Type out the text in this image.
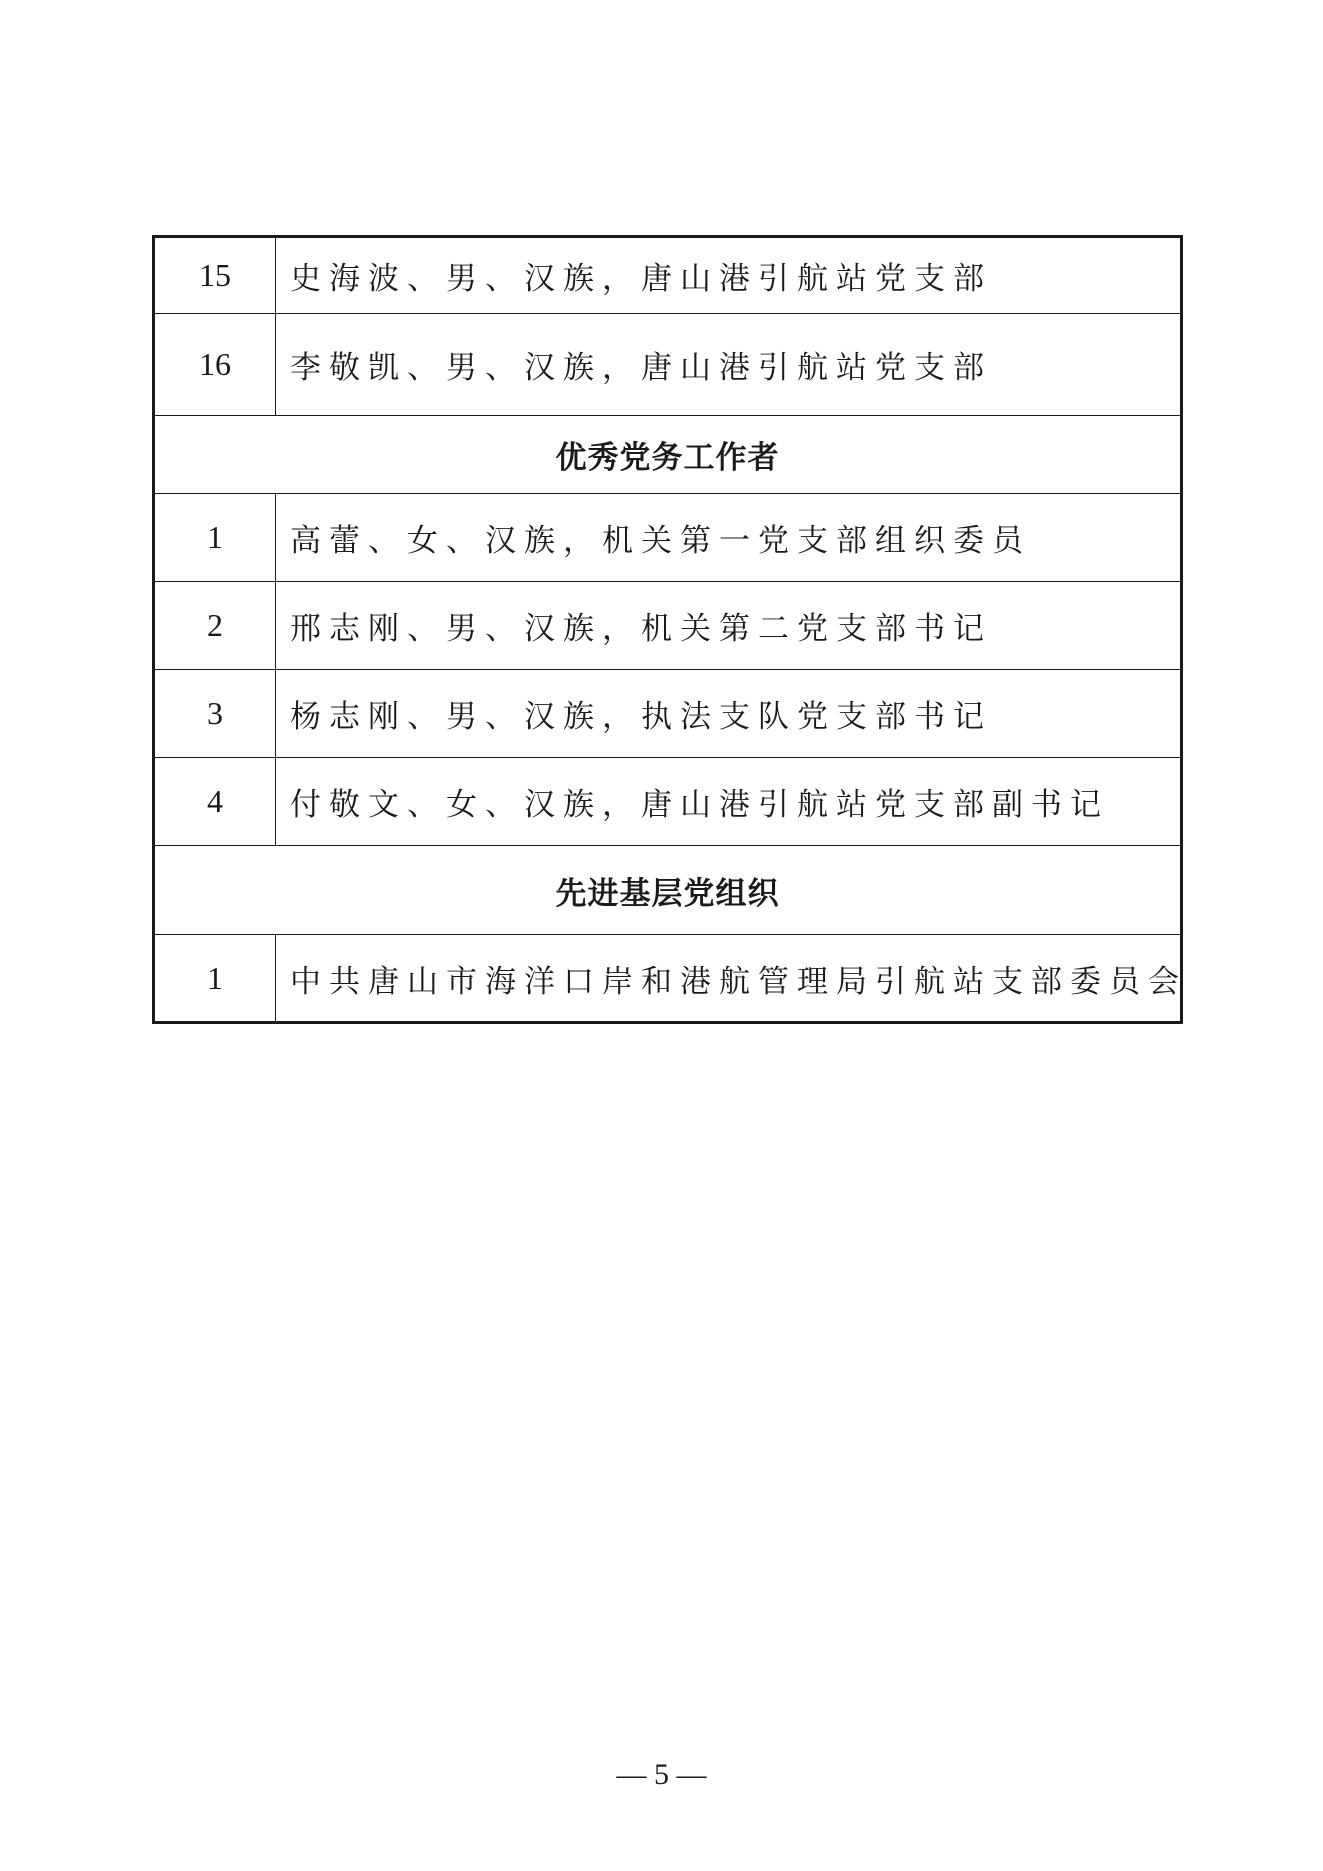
15	史海波、男、汉族，唐山港引航站党支部
16	李敬凯、男、汉族，唐山港引航站党支部
优秀党务工作者	
1	高蕾、女、汉族，机关第一党支部组织委员
2	邢志刚、男、汉族，机关第二党支部书记
3	杨志刚、男、汉族，执法支队党支部书记
4	付敬文、女、汉族，唐山港引航站党支部副书记
先进基层党组织	
1	中共唐山市海洋口岸和港航管理局引航站支部委员会
— 5 —
